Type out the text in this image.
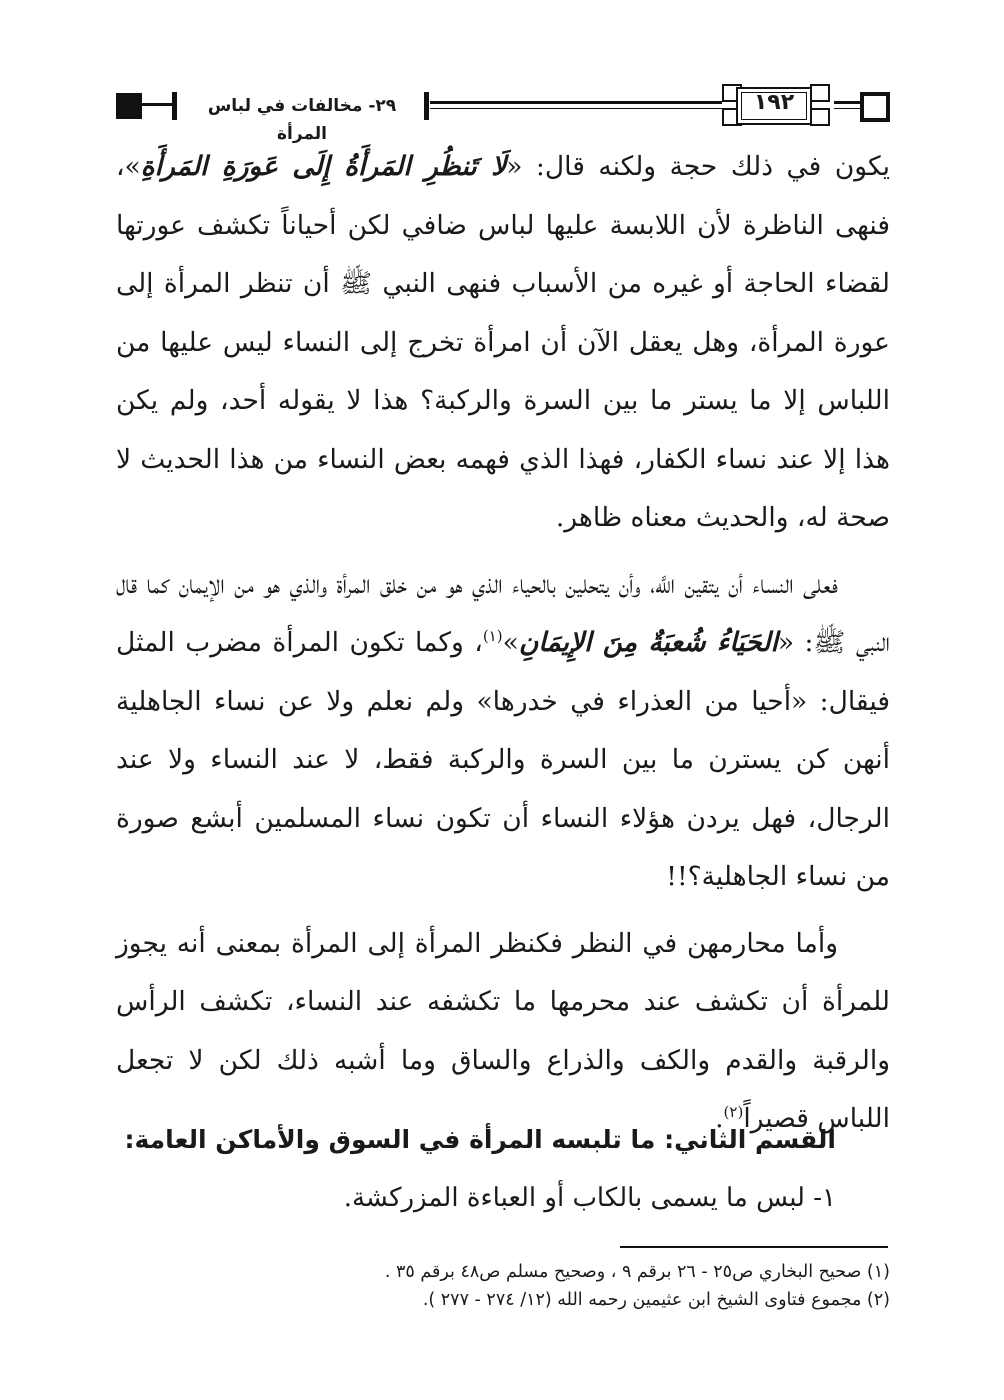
٢٩- مخالفات في لباس المرأة
١٩٢

يكون في ذلك حجة ولكنه قال: «لَا تَنظُرِ المَرأَةُ إِلَى عَورَةِ المَرأَةِ»، فنهى الناظرة لأن اللابسة عليها لباس ضافي لكن أحياناً تكشف عورتها لقضاء الحاجة أو غيره من الأسباب فنهى النبي ﷺ أن تنظر المرأة إلى عورة المرأة، وهل يعقل الآن أن امرأة تخرج إلى النساء ليس عليها من اللباس إلا ما يستر ما بين السرة والركبة؟ هذا لا يقوله أحد، ولم يكن هذا إلا عند نساء الكفار، فهذا الذي فهمه بعض النساء من هذا الحديث لا صحة له، والحديث معناه ظاهر.

فعلى النساء أن يتقين اللَّه، وأن يتحلين بالحياء الذي هو من خلق المرأة والذي هو من الإيمان كما قال النبي ﷺ: «الحَيَاءُ شُعبَةٌ مِنَ الإِيمَانِ»$^{(١)}$، وكما تكون المرأة مضرب المثل فيقال: «أحيا من العذراء في خدرها» ولم نعلم ولا عن نساء الجاهلية أنهن كن يسترن ما بين السرة والركبة فقط، لا عند النساء ولا عند الرجال، فهل يردن هؤلاء النساء أن تكون نساء المسلمين أبشع صورة من نساء الجاهلية؟!!

وأما محارمهن في النظر فكنظر المرأة إلى المرأة بمعنى أنه يجوز للمرأة أن تكشف عند محرمها ما تكشفه عند النساء، تكشف الرأس والرقبة والقدم والكف والذراع والساق وما أشبه ذلك لكن لا تجعل اللباس قصيراً$^{(٢)}$.

القسم الثاني: ما تلبسه المرأة في السوق والأماكن العامة:
١- لبس ما يسمى بالكاب أو العباءة المزركشة.

(١) صحيح البخاري ص٢٥ - ٢٦ برقم ٩ ، وصحيح مسلم ص٤٨ برقم ٣٥ .

(٢) مجموع فتاوى الشيخ ابن عثيمين رحمه الله (١٢/ ٢٧٤ - ٢٧٧ ).
